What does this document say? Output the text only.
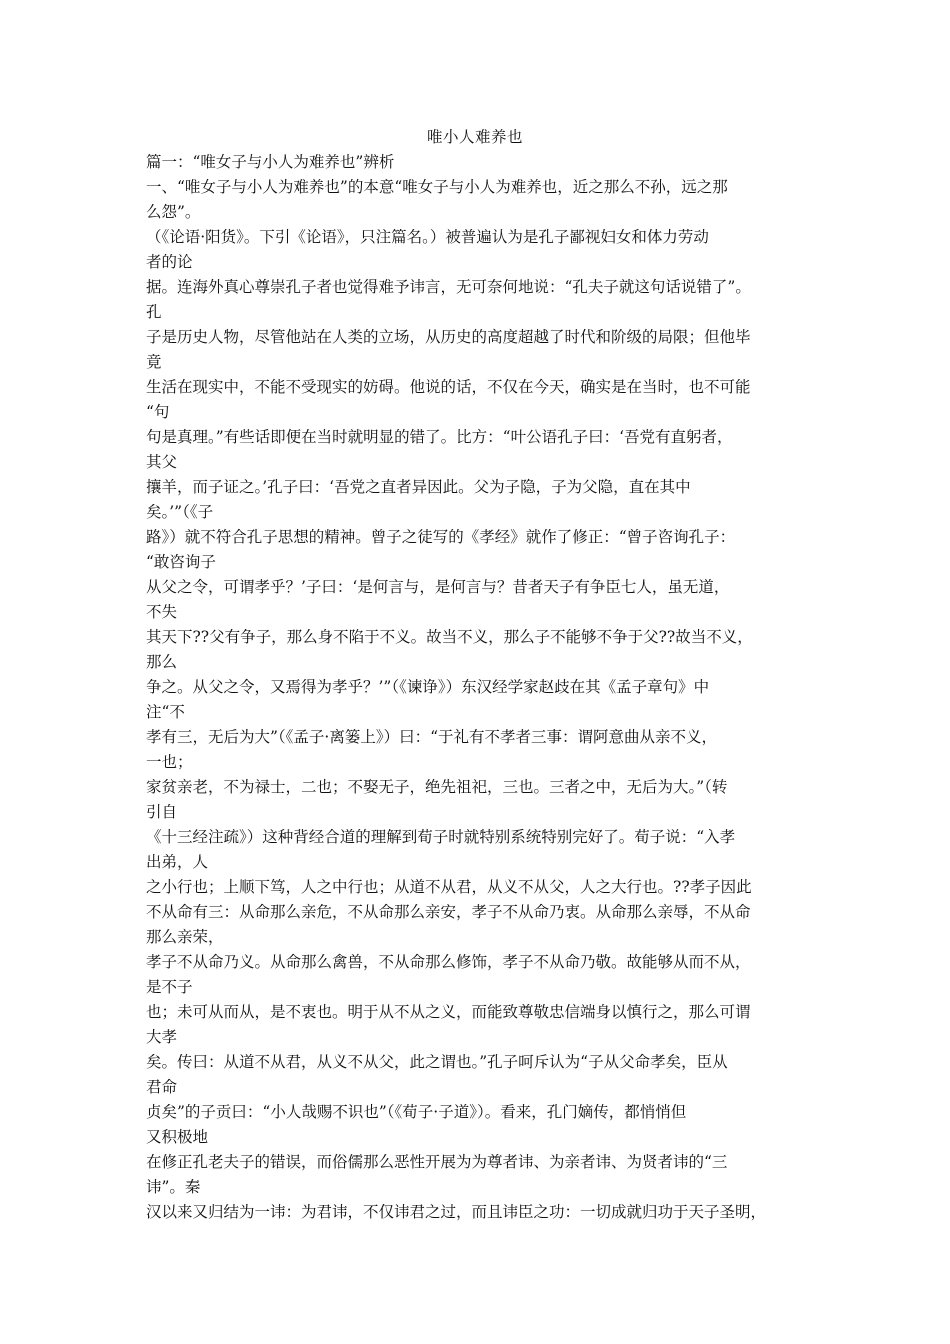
唯小人难养也
篇一：“唯女子与小人为难养也”辨析
一、“唯女子与小人为难养也”的本意“唯女子与小人为难养也，近之那么不孙，远之那
么怨”。
（《论语·阳货》。下引《论语》，只注篇名。）被普遍认为是孔子鄙视妇女和体力劳动
者的论
据。连海外真心尊崇孔子者也觉得难予讳言，无可奈何地说：“孔夫子就这句话说错了”。
孔
子是历史人物，尽管他站在人类的立场，从历史的高度超越了时代和阶级的局限；但他毕
竟
生活在现实中，不能不受现实的妨碍。他说的话，不仅在今天，确实是在当时，也不可能
“句
句是真理。”有些话即便在当时就明显的错了。比方：“叶公语孔子曰：‘吾党有直躬者，
其父
攘羊，而子证之。’孔子曰：‘吾党之直者异因此。父为子隐，子为父隐，直在其中
矣。’”（《子
路》）就不符合孔子思想的精神。曾子之徒写的《孝经》就作了修正：“曾子咨询孔子：
“敢咨询子
从父之令，可谓孝乎？’子曰：‘是何言与，是何言与？昔者天子有争臣七人，虽无道，
不失
其天下??父有争子，那么身不陷于不义。故当不义，那么子不能够不争于父??故当不义，
那么
争之。从父之令，又焉得为孝乎？’”（《谏诤》）东汉经学家赵歧在其《孟子章句》中
注“不
孝有三，无后为大”（《孟子·离篓上》）曰：“于礼有不孝者三事：谓阿意曲从亲不义，
一也；
家贫亲老，不为禄士，二也；不娶无子，绝先祖祀，三也。三者之中，无后为大。”（转
引自
《十三经注疏》）这种背经合道的理解到荀子时就特别系统特别完好了。荀子说：“入孝
出弟，人
之小行也；上顺下笃，人之中行也；从道不从君，从义不从父，人之大行也。??孝子因此
不从命有三：从命那么亲危，不从命那么亲安，孝子不从命乃衷。从命那么亲辱，不从命
那么亲荣，
孝子不从命乃义。从命那么禽兽，不从命那么修饰，孝子不从命乃敬。故能够从而不从，
是不子
也；未可从而从，是不衷也。明于从不从之义，而能致尊敬忠信端身以慎行之，那么可谓
大孝
矣。传曰：从道不从君，从义不从父，此之谓也。”孔子呵斥认为“子从父命孝矣，臣从
君命
贞矣”的子贡曰：“小人哉赐不识也”（《荀子·子道》）。看来，孔门嫡传，都悄悄但
又积极地
在修正孔老夫子的错误，而俗儒那么恶性开展为为尊者讳、为亲者讳、为贤者讳的“三
讳”。秦
汉以来又归结为一讳：为君讳，不仅讳君之过，而且讳臣之功：一切成就归功于天子圣明，
